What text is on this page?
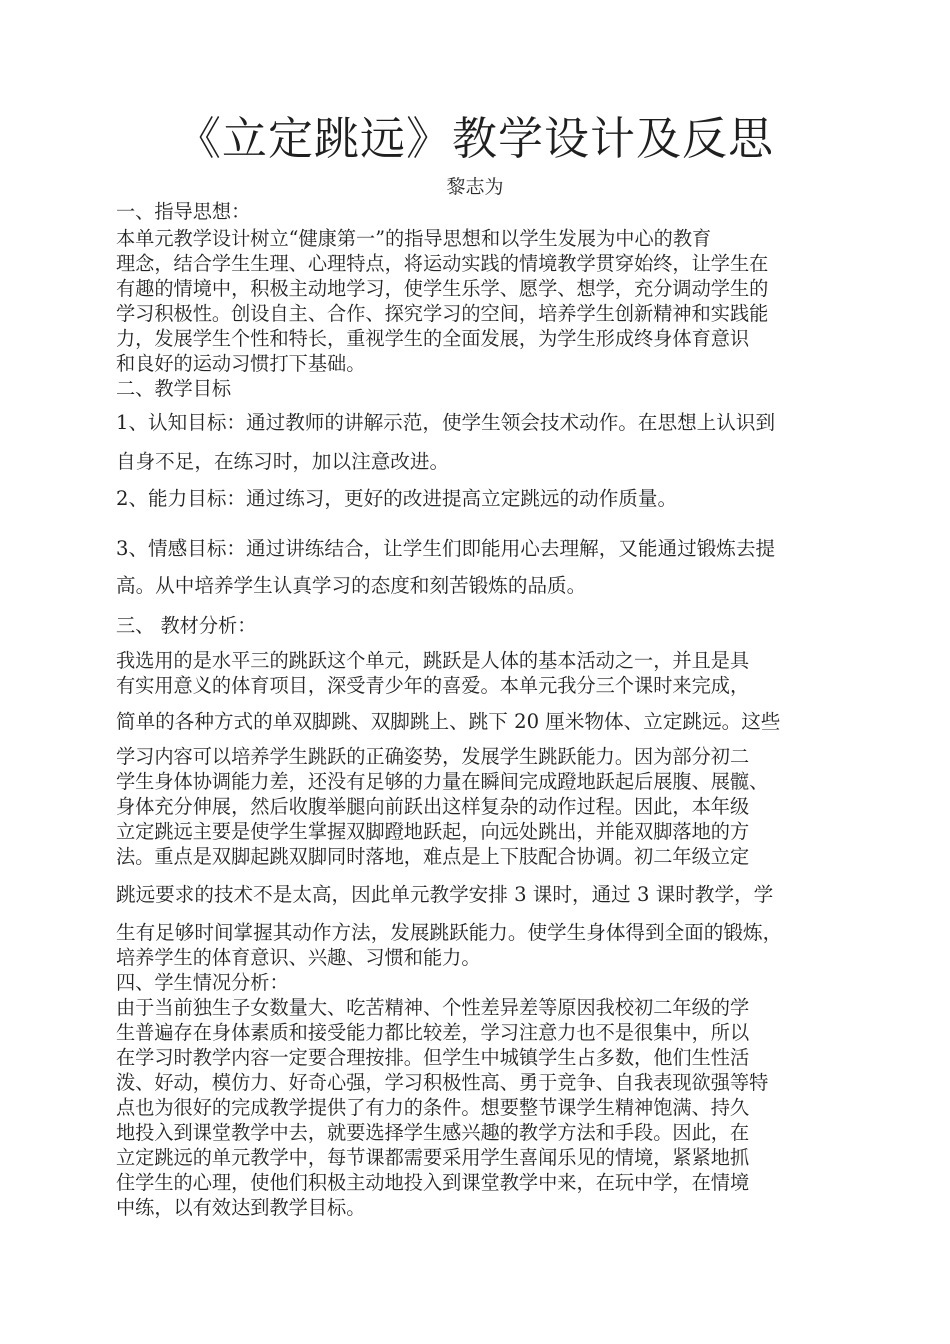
《立定跳远》教学设计及反思
黎志为
一、指导思想：
本单元教学设计树立“健康第一”的指导思想和以学生发展为中心的教育
理念，结合学生生理、心理特点，将运动实践的情境教学贯穿始终，让学生在
有趣的情境中，积极主动地学习，使学生乐学、愿学、想学，充分调动学生的
学习积极性。创设自主、合作、探究学习的空间，培养学生创新精神和实践能
力，发展学生个性和特长，重视学生的全面发展，为学生形成终身体育意识
和良好的运动习惯打下基础。
二、教学目标
1、认知目标：通过教师的讲解示范，使学生领会技术动作。在思想上认识到
自身不足，在练习时，加以注意改进。
2、能力目标：通过练习，更好的改进提高立定跳远的动作质量。
3、情感目标：通过讲练结合，让学生们即能用心去理解，又能通过锻炼去提
高。从中培养学生认真学习的态度和刻苦锻炼的品质。
三、 教材分析：
我选用的是水平三的跳跃这个单元，跳跃是人体的基本活动之一，并且是具
有实用意义的体育项目，深受青少年的喜爱。本单元我分三个课时来完成，
简单的各种方式的单双脚跳、双脚跳上、跳下 20 厘米物体、立定跳远。这些
学习内容可以培养学生跳跃的正确姿势，发展学生跳跃能力。因为部分初二
学生身体协调能力差，还没有足够的力量在瞬间完成蹬地跃起后展腹、展髋、
身体充分伸展，然后收腹举腿向前跃出这样复杂的动作过程。因此，本年级
立定跳远主要是使学生掌握双脚蹬地跃起，向远处跳出，并能双脚落地的方
法。重点是双脚起跳双脚同时落地，难点是上下肢配合协调。初二年级立定
跳远要求的技术不是太高，因此单元教学安排 3 课时，通过 3 课时教学，学
生有足够时间掌握其动作方法，发展跳跃能力。使学生身体得到全面的锻炼，
培养学生的体育意识、兴趣、习惯和能力。
四、学生情况分析：
由于当前独生子女数量大、吃苦精神、个性差异差等原因我校初二年级的学
生普遍存在身体素质和接受能力都比较差，学习注意力也不是很集中，所以
在学习时教学内容一定要合理按排。但学生中城镇学生占多数，他们生性活
泼、好动，模仿力、好奇心强，学习积极性高、勇于竞争、自我表现欲强等特
点也为很好的完成教学提供了有力的条件。想要整节课学生精神饱满、持久
地投入到课堂教学中去，就要选择学生感兴趣的教学方法和手段。因此，在
立定跳远的单元教学中，每节课都需要采用学生喜闻乐见的情境，紧紧地抓
住学生的心理，使他们积极主动地投入到课堂教学中来，在玩中学，在情境
中练，以有效达到教学目标。
